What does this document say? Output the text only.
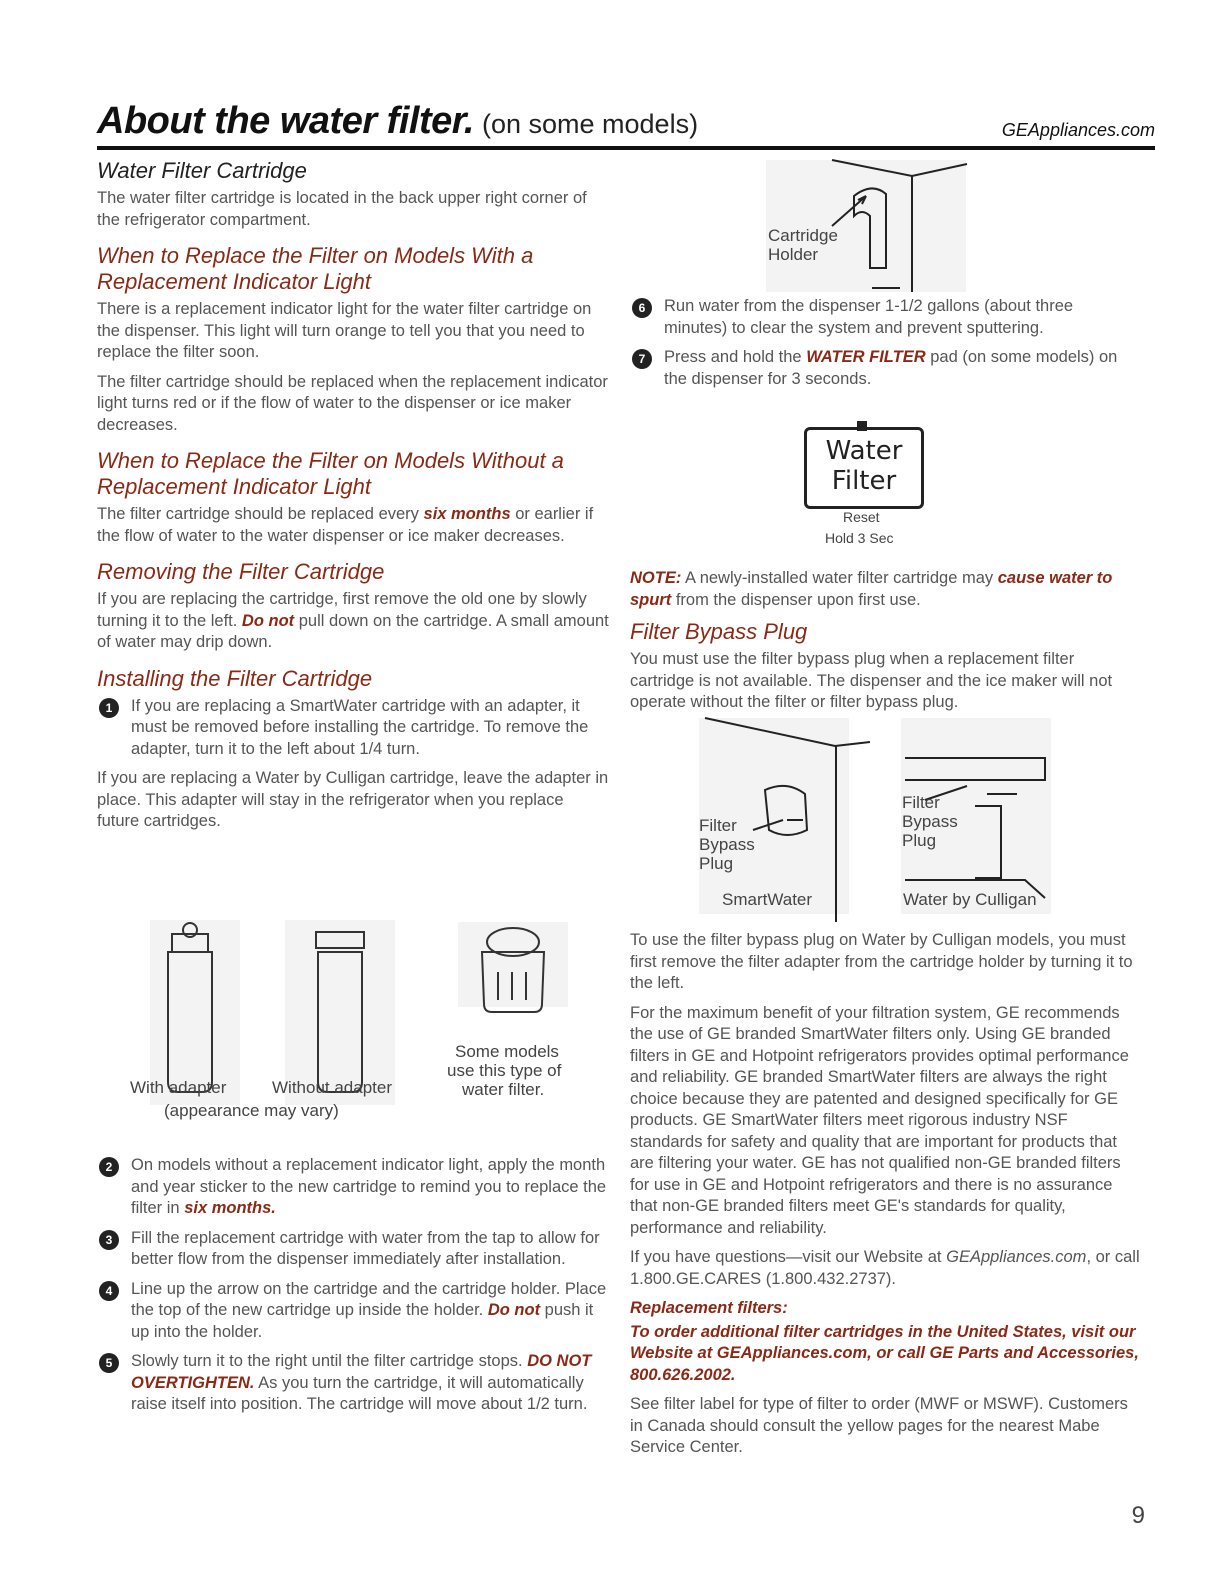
About the water filter. (on some models)	GEAppliances.com
Water Filter Cartridge

The water filter cartridge is located in the back upper right corner of the refrigerator compartment.

When to Replace the Filter on Models With a Replacement Indicator Light

There is a replacement indicator light for the water filter cartridge on the dispenser. This light will turn orange to tell you that you need to replace the filter soon.

The filter cartridge should be replaced when the replacement indicator light turns red or if the flow of water to the dispenser or ice maker decreases.

When to Replace the Filter on Models Without a Replacement Indicator Light

The filter cartridge should be replaced every six months or earlier if the flow of water to the water dispenser or ice maker decreases.

Removing the Filter Cartridge

If you are replacing the cartridge, first remove the old one by slowly turning it to the left. Do not pull down on the cartridge. A small amount of water may drip down.

Installing the Filter Cartridge
1	If you are replacing a SmartWater cartridge with an adapter, it must be removed before installing the cartridge. To remove the adapter, turn it to the left about 1/4 turn.

If you are replacing a Water by Culligan cartridge, leave the adapter in place. This adapter will stay in the refrigerator when you replace future cartridges.

With adapter	Without adapter
(appearance may vary)
Some models
use this type of
water filter.
2	On models without a replacement indicator light, apply the month and year sticker to the new cartridge to remind you to replace the filter in six months.
3	Fill the replacement cartridge with water from the tap to allow for better flow from the dispenser immediately after installation.
4	Line up the arrow on the cartridge and the cartridge holder. Place the top of the new cartridge up inside the holder. Do not push it up into the holder.
5	Slowly turn it to the right until the filter cartridge stops. DO NOT OVERTIGHTEN. As you turn the cartridge, it will automatically raise itself into position. The cartridge will move about 1/2 turn.
Cartridge
Holder
6	Run water from the dispenser 1-1/2 gallons (about three minutes) to clear the system and prevent sputtering.
7	Press and hold the WATER FILTER pad (on some models) on the dispenser for 3 seconds.
Water
Filter
Reset
Hold 3 Sec

NOTE: A newly-installed water filter cartridge may cause water to spurt from the dispenser upon first use.

Filter Bypass Plug

You must use the filter bypass plug when a replacement filter cartridge is not available. The dispenser and the ice maker will not operate without the filter or filter bypass plug.

Filter
Bypass
Plug
Filter
Bypass
Plug
SmartWater	Water by Culligan

To use the filter bypass plug on Water by Culligan models, you must first remove the filter adapter from the cartridge holder by turning it to the left.

For the maximum benefit of your filtration system, GE recommends the use of GE branded SmartWater filters only. Using GE branded filters in GE and Hotpoint refrigerators provides optimal performance and reliability. GE branded SmartWater filters are always the right choice because they are patented and designed specifically for GE products. GE SmartWater filters meet rigorous industry NSF standards for safety and quality that are important for products that are filtering your water. GE has not qualified non-GE branded filters for use in GE and Hotpoint refrigerators and there is no assurance that non-GE branded filters meet GE's standards for quality, performance and reliability.

If you have questions—visit our Website at GEAppliances.com, or call 1.800.GE.CARES (1.800.432.2737).

Replacement filters:

To order additional filter cartridges in the United States, visit our Website at GEAppliances.com, or call GE Parts and Accessories, 800.626.2002.

See filter label for type of filter to order (MWF or MSWF). Customers in Canada should consult the yellow pages for the nearest Mabe Service Center.

9
